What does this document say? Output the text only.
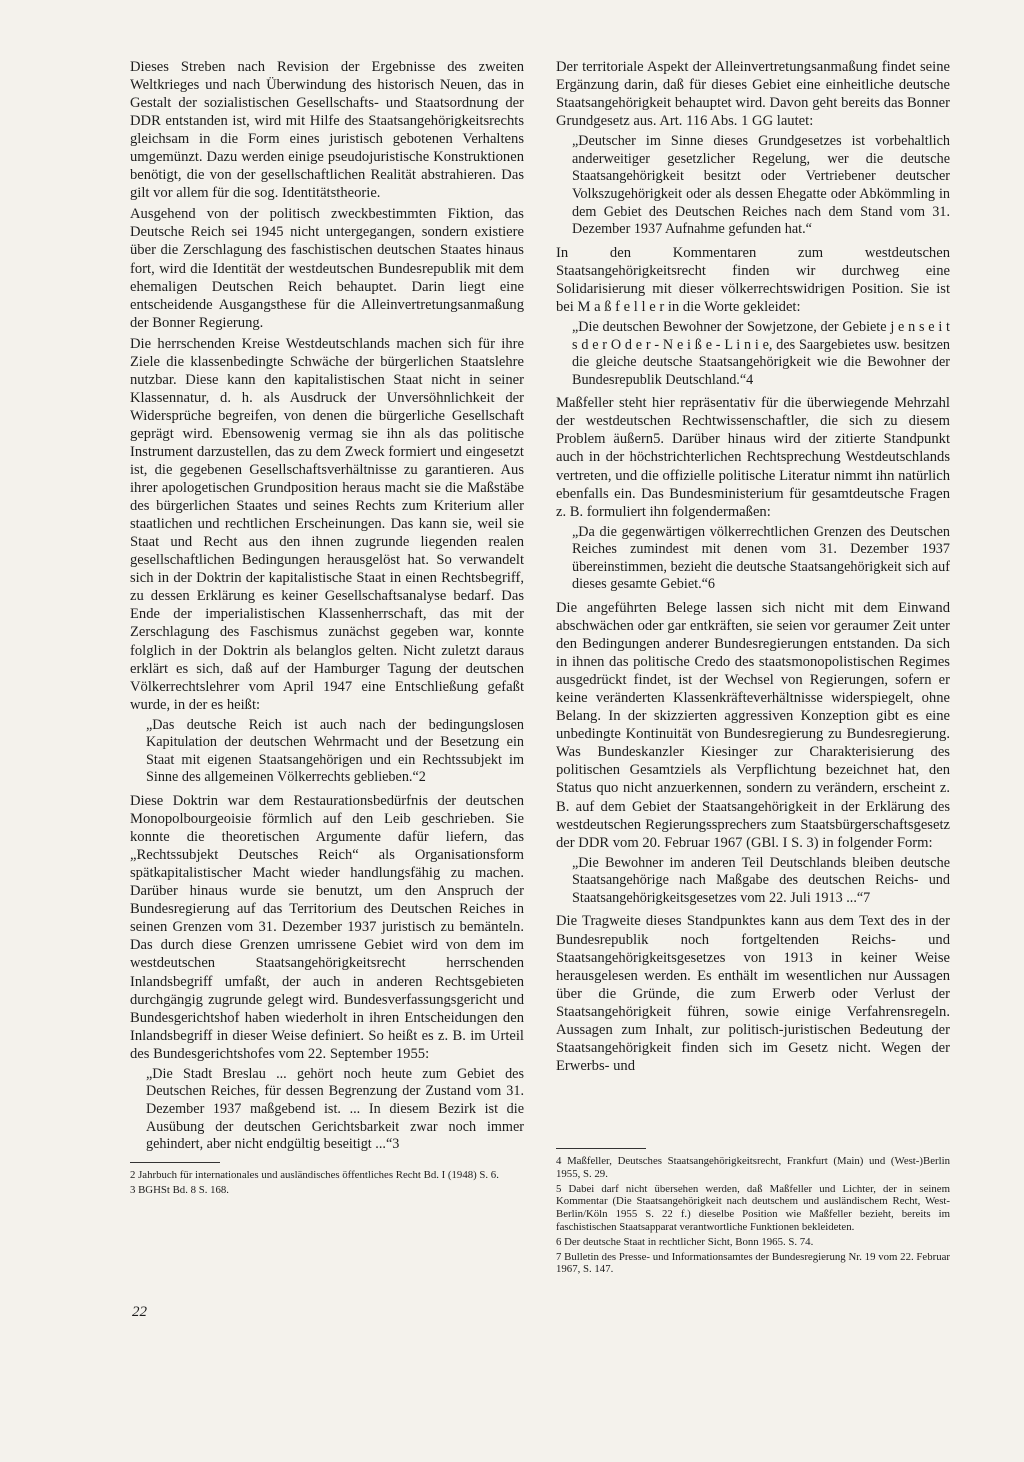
Dieses Streben nach Revision der Ergebnisse des zweiten Weltkrieges und nach Überwindung des historisch Neuen, das in Gestalt der sozialistischen Gesellschafts- und Staatsordnung der DDR entstanden ist, wird mit Hilfe des Staatsangehörigkeitsrechts gleichsam in die Form eines juristisch gebotenen Verhaltens umgemünzt. Dazu werden einige pseudojuristische Konstruktionen benötigt, die von der gesellschaftlichen Realität abstrahieren. Das gilt vor allem für die sog. Identitätstheorie.

Ausgehend von der politisch zweckbestimmten Fiktion, das Deutsche Reich sei 1945 nicht untergegangen, sondern existiere über die Zerschlagung des faschistischen deutschen Staates hinaus fort, wird die Identität der westdeutschen Bundesrepublik mit dem ehemaligen Deutschen Reich behauptet. Darin liegt eine entscheidende Ausgangsthese für die Alleinvertretungsanmaßung der Bonner Regierung.

Die herrschenden Kreise Westdeutschlands machen sich für ihre Ziele die klassenbedingte Schwäche der bürgerlichen Staatslehre nutzbar. Diese kann den kapitalistischen Staat nicht in seiner Klassennatur, d. h. als Ausdruck der Unversöhnlichkeit der Widersprüche begreifen, von denen die bürgerliche Gesellschaft geprägt wird. Ebensowenig vermag sie ihn als das politische Instrument darzustellen, das zu dem Zweck formiert und eingesetzt ist, die gegebenen Gesellschaftsverhältnisse zu garantieren. Aus ihrer apologetischen Grundposition heraus macht sie die Maßstäbe des bürgerlichen Staates und seines Rechts zum Kriterium aller staatlichen und rechtlichen Erscheinungen. Das kann sie, weil sie Staat und Recht aus den ihnen zugrunde liegenden realen gesellschaftlichen Bedingungen herausgelöst hat. So verwandelt sich in der Doktrin der kapitalistische Staat in einen Rechtsbegriff, zu dessen Erklärung es keiner Gesellschaftsanalyse bedarf. Das Ende der imperialistischen Klassenherrschaft, das mit der Zerschlagung des Faschismus zunächst gegeben war, konnte folglich in der Doktrin als belanglos gelten. Nicht zuletzt daraus erklärt es sich, daß auf der Hamburger Tagung der deutschen Völkerrechtslehrer vom April 1947 eine Entschließung gefaßt wurde, in der es heißt:

„Das deutsche Reich ist auch nach der bedingungslosen Kapitulation der deutschen Wehrmacht und der Besetzung ein Staat mit eigenen Staatsangehörigen und ein Rechtssubjekt im Sinne des allgemeinen Völkerrechts geblieben.“2

Diese Doktrin war dem Restaurationsbedürfnis der deutschen Monopolbourgeoisie förmlich auf den Leib geschrieben. Sie konnte die theoretischen Argumente dafür liefern, das „Rechtssubjekt Deutsches Reich“ als Organisationsform spätkapitalistischer Macht wieder handlungsfähig zu machen. Darüber hinaus wurde sie benutzt, um den Anspruch der Bundesregierung auf das Territorium des Deutschen Reiches in seinen Grenzen vom 31. Dezember 1937 juristisch zu bemänteln. Das durch diese Grenzen umrissene Gebiet wird von dem im westdeutschen Staatsangehörigkeitsrecht herrschenden Inlandsbegriff umfaßt, der auch in anderen Rechtsgebieten durchgängig zugrunde gelegt wird. Bundesverfassungsgericht und Bundesgerichtshof haben wiederholt in ihren Entscheidungen den Inlandsbegriff in dieser Weise definiert. So heißt es z. B. im Urteil des Bundesgerichtshofes vom 22. September 1955:

„Die Stadt Breslau ... gehört noch heute zum Gebiet des Deutschen Reiches, für dessen Begrenzung der Zustand vom 31. Dezember 1937 maßgebend ist. ... In diesem Bezirk ist die Ausübung der deutschen Gerichtsbarkeit zwar noch immer gehindert, aber nicht endgültig beseitigt ...“3

2 Jahrbuch für internationales und ausländisches öffentliches Recht Bd. I (1948) S. 6.

3 BGHSt Bd. 8 S. 168.

Der territoriale Aspekt der Alleinvertretungsanmaßung findet seine Ergänzung darin, daß für dieses Gebiet eine einheitliche deutsche Staatsangehörigkeit behauptet wird. Davon geht bereits das Bonner Grundgesetz aus. Art. 116 Abs. 1 GG lautet:

„Deutscher im Sinne dieses Grundgesetzes ist vorbehaltlich anderweitiger gesetzlicher Regelung, wer die deutsche Staatsangehörigkeit besitzt oder Vertriebener deutscher Volkszugehörigkeit oder als dessen Ehegatte oder Abkömmling in dem Gebiet des Deutschen Reiches nach dem Stand vom 31. Dezember 1937 Aufnahme gefunden hat.“

In den Kommentaren zum westdeutschen Staatsangehörigkeitsrecht finden wir durchweg eine Solidarisierung mit dieser völkerrechtswidrigen Position. Sie ist bei M a ß f e l l e r in die Worte gekleidet:

„Die deutschen Bewohner der Sowjetzone, der Gebiete j e n s e i t s d e r O d e r - N e i ß e - L i n i e, des Saargebietes usw. besitzen die gleiche deutsche Staatsangehörigkeit wie die Bewohner der Bundesrepublik Deutschland.“4

Maßfeller steht hier repräsentativ für die überwiegende Mehrzahl der westdeutschen Rechtwissenschaftler, die sich zu diesem Problem äußern5. Darüber hinaus wird der zitierte Standpunkt auch in der höchstrichterlichen Rechtsprechung Westdeutschlands vertreten, und die offizielle politische Literatur nimmt ihn natürlich ebenfalls ein. Das Bundesministerium für gesamtdeutsche Fragen z. B. formuliert ihn folgendermaßen:

„Da die gegenwärtigen völkerrechtlichen Grenzen des Deutschen Reiches zumindest mit denen vom 31. Dezember 1937 übereinstimmen, bezieht die deutsche Staatsangehörigkeit sich auf dieses gesamte Gebiet.“6

Die angeführten Belege lassen sich nicht mit dem Einwand abschwächen oder gar entkräften, sie seien vor geraumer Zeit unter den Bedingungen anderer Bundesregierungen entstanden. Da sich in ihnen das politische Credo des staatsmonopolistischen Regimes ausgedrückt findet, ist der Wechsel von Regierungen, sofern er keine veränderten Klassenkräfteverhältnisse widerspiegelt, ohne Belang. In der skizzierten aggressiven Konzeption gibt es eine unbedingte Kontinuität von Bundesregierung zu Bundesregierung. Was Bundeskanzler Kiesinger zur Charakterisierung des politischen Gesamtziels als Verpflichtung bezeichnet hat, den Status quo nicht anzuerkennen, sondern zu verändern, erscheint z. B. auf dem Gebiet der Staatsangehörigkeit in der Erklärung des westdeutschen Regierungssprechers zum Staatsbürgerschaftsgesetz der DDR vom 20. Februar 1967 (GBl. I S. 3) in folgender Form:

„Die Bewohner im anderen Teil Deutschlands bleiben deutsche Staatsangehörige nach Maßgabe des deutschen Reichs- und Staatsangehörigkeitsgesetzes vom 22. Juli 1913 ...“7

Die Tragweite dieses Standpunktes kann aus dem Text des in der Bundesrepublik noch fortgeltenden Reichs- und Staatsangehörigkeitsgesetzes von 1913 in keiner Weise herausgelesen werden. Es enthält im wesentlichen nur Aussagen über die Gründe, die zum Erwerb oder Verlust der Staatsangehörigkeit führen, sowie einige Verfahrensregeln. Aussagen zum Inhalt, zur politisch-juristischen Bedeutung der Staatsangehörigkeit finden sich im Gesetz nicht. Wegen der Erwerbs- und

4 Maßfeller, Deutsches Staatsangehörigkeitsrecht, Frankfurt (Main) und (West-)Berlin 1955, S. 29.

5 Dabei darf nicht übersehen werden, daß Maßfeller und Lichter, der in seinem Kommentar (Die Staatsangehörigkeit nach deutschem und ausländischem Recht, West-Berlin/Köln 1955 S. 22 f.) dieselbe Position wie Maßfeller bezieht, bereits im faschistischen Staatsapparat verantwortliche Funktionen bekleideten.

6 Der deutsche Staat in rechtlicher Sicht, Bonn 1965. S. 74.

7 Bulletin des Presse- und Informationsamtes der Bundesregierung Nr. 19 vom 22. Februar 1967, S. 147.

22
